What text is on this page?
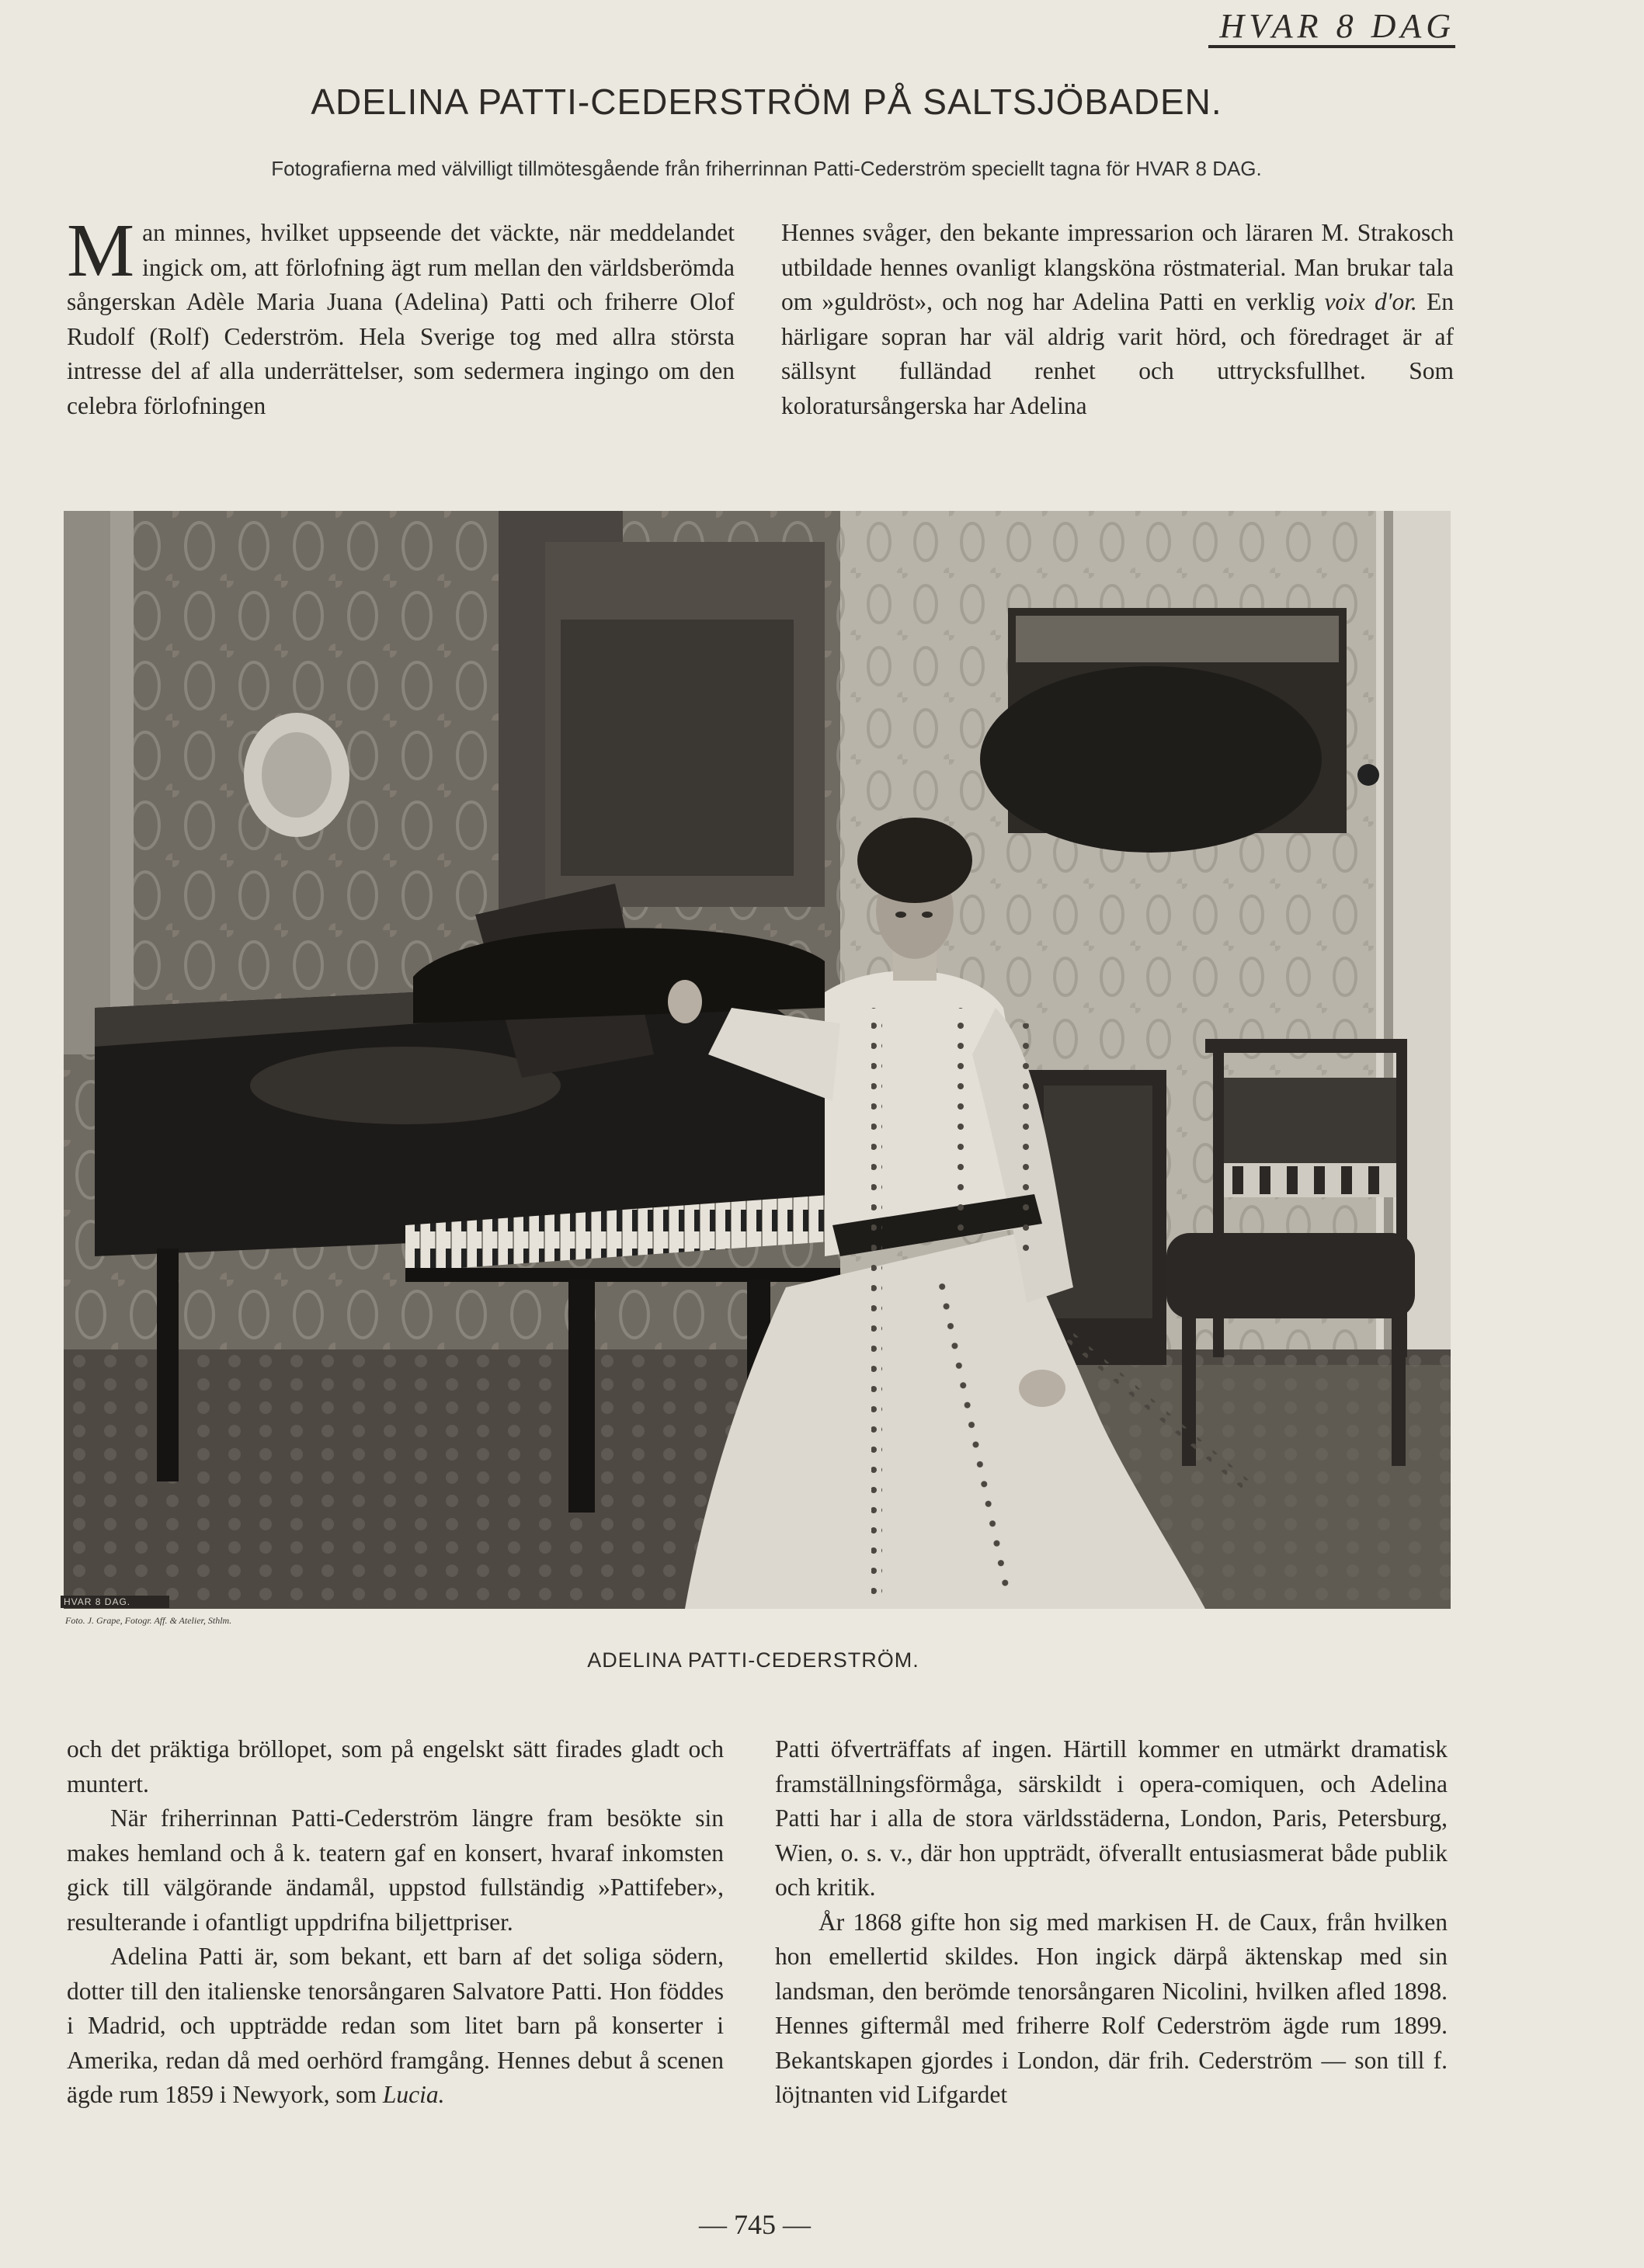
HVAR 8 DAG
ADELINA PATTI-CEDERSTRÖM PÅ SALTSJÖBADEN.
Fotografierna med välvilligt tillmötesgående från friherrinnan Patti-Cederström speciellt tagna för HVAR 8 DAG.

Man minnes, hvilket uppseende det väckte, när meddelandet ingick om, att förlofning ägt rum mellan den världsberömda sångerskan Adèle Maria Juana (Adelina) Patti och friherre Olof Rudolf (Rolf) Cederström. Hela Sverige tog med allra största intresse del af alla underrättelser, som sedermera ingingo om den celebra förlofningen

Hennes svåger, den bekante impressarion och läraren M. Strakosch utbildade hennes ovanligt klangsköna röstmaterial. Man brukar tala om »guldröst», och nog har Adelina Patti en verklig voix d'or. En härligare sopran har väl aldrig varit hörd, och föredraget är af sällsynt fulländad renhet och uttrycksfullhet. Som koloratursångerska har Adelina

HVAR 8 DAG.
Foto. J. Grape, Fotogr. Aff. & Atelier, Sthlm.
ADELINA PATTI-CEDERSTRÖM.

och det präktiga bröllopet, som på engelskt sätt firades gladt och muntert.

När friherrinnan Patti-Cederström längre fram besökte sin makes hemland och å k. teatern gaf en konsert, hvaraf inkomsten gick till välgörande ändamål, uppstod fullständig »Pattifeber», resulterande i ofantligt uppdrifna biljettpriser.

Adelina Patti är, som bekant, ett barn af det soliga södern, dotter till den italienske tenorsångaren Salvatore Patti. Hon föddes i Madrid, och uppträdde redan som litet barn på konserter i Amerika, redan då med oerhörd framgång. Hennes debut å scenen ägde rum 1859 i Newyork, som Lucia.

Patti öfverträffats af ingen. Härtill kommer en utmärkt dramatisk framställningsförmåga, särskildt i opera-comiquen, och Adelina Patti har i alla de stora världsstäderna, London, Paris, Petersburg, Wien, o. s. v., där hon uppträdt, öfverallt entusiasmerat både publik och kritik.

År 1868 gifte hon sig med markisen H. de Caux, från hvilken hon emellertid skildes. Hon ingick därpå äktenskap med sin landsman, den berömde tenorsångaren Nicolini, hvilken afled 1898. Hennes giftermål med friherre Rolf Cederström ägde rum 1899. Bekantskapen gjordes i London, där frih. Cederström — son till f. löjtnanten vid Lifgardet

— 745 —
